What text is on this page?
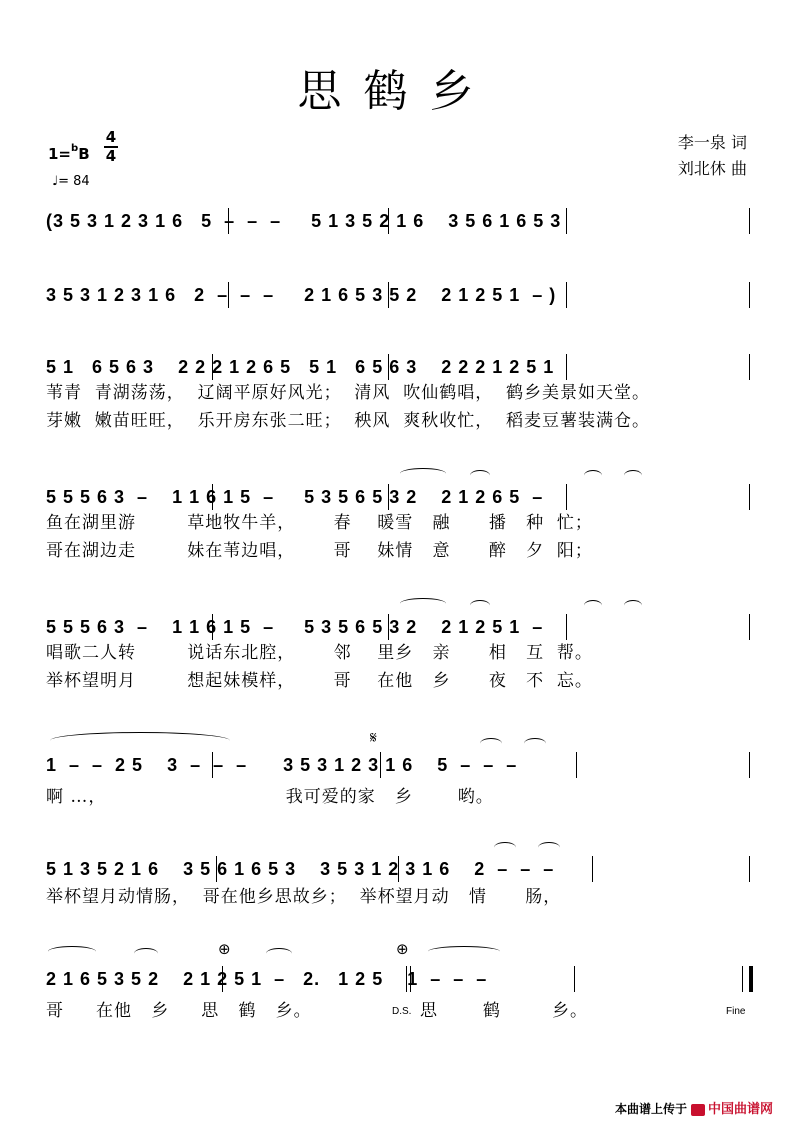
思鹤乡
1=$^b$B
4
4
♩= 84
李一泉 词
刘北休 曲
(3 5 3 1 2 3 1 6   5  –  –  –     5 1 3 5 2 1 6    3 5 6 1 6 5 3
3 5 3 1 2 3 1 6   2  –  –  –     2 1 6 5 3 5 2    2 1 2 5 1  – )
5 1   6 5 6 3    2 2 2 1 2 6 5   5 1   6 5 6 3    2 2 2 1 2 5 1
苇青  青湖荡荡，  辽阔平原好风光；  清风  吹仙鹤唱，  鹤乡美景如天堂。
芽嫩  嫩苗旺旺，  乐开房东张二旺；  秧风  爽秋收忙，  稻麦豆薯装满仓。
5 5 5 6 3  –    1 1 6 1 5  –     5 3 5 6 5 3 2    2 1 2 6 5  –
鱼在湖里游        草地牧牛羊，      春    暖雪   融      播   种  忙；
哥在湖边走        妹在苇边唱，      哥    妹情   意      醉   夕  阳；
5 5 5 6 3  –    1 1 6 1 5  –     5 3 5 6 5 3 2    2 1 2 5 1  –
唱歌二人转        说话东北腔，      邻    里乡   亲      相   互  帮。
举杯望明月        想起妹模样，      哥    在他   乡      夜   不  忘。
𝄋
1  –  –  2 5    3  –  –  –      3 5 3 1 2 3 1 6    5  –  –  –
啊 …，                            我可爱的家   乡       哟。
5 1 3 5 2 1 6    3 5 6 1 6 5 3    3 5 3 1 2 3 1 6    2  –  –  –
举杯望月动情肠，  哥在他乡思故乡；  举杯望月动   情      肠，
⊕	⊕
2 1 6 5 3 5 2    2 1 2 5 1  –   2.   1 2 5    1  –  –  –
哥     在他   乡     思   鹤   乡。	D.S. 思       鹤        乡。	Fine
本曲谱上传于 中国曲谱网
